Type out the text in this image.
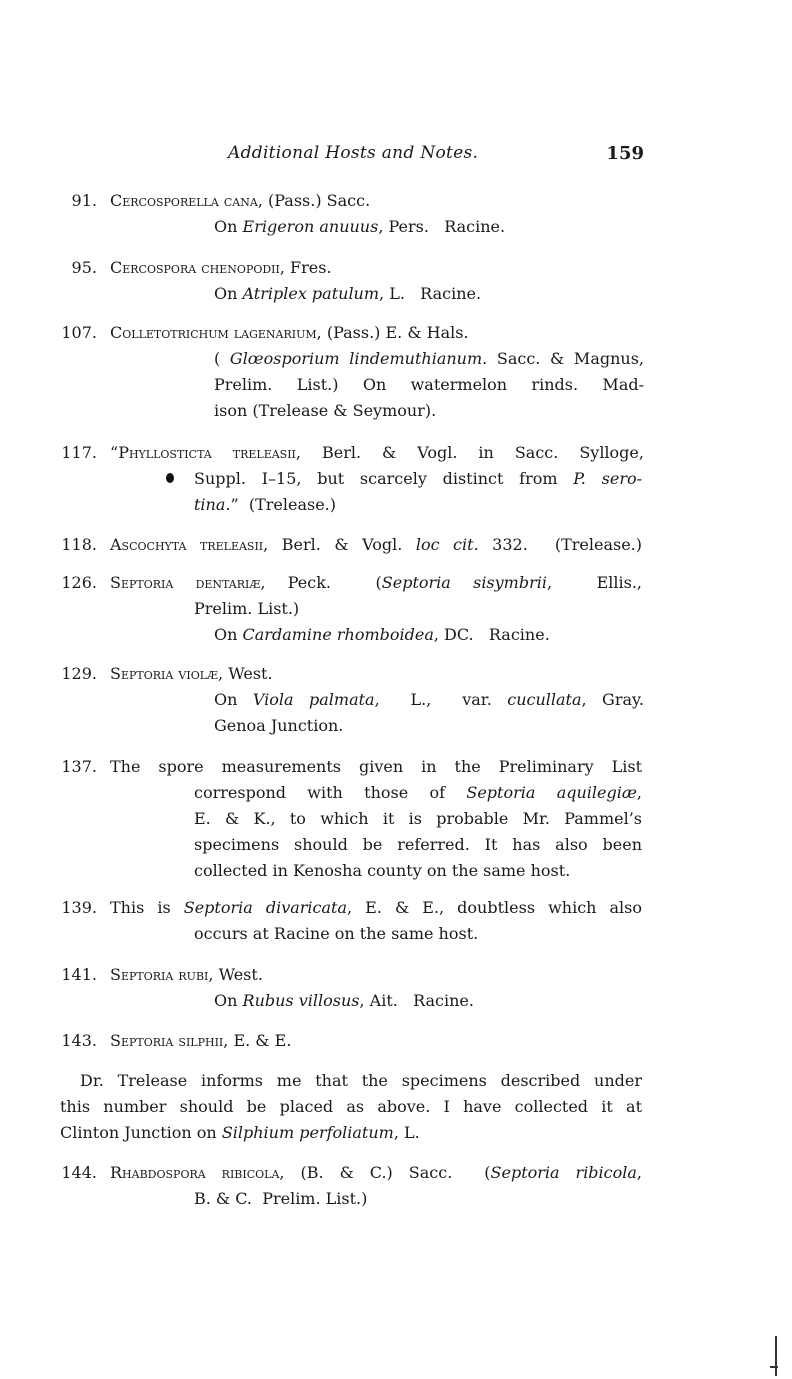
Additional Hosts and Notes.	159
91. Cercosporella cana, (Pass.) Sacc.
On Erigeron anuuus, Pers.   Racine.
95. Cercospora chenopodii, Fres.
On Atriplex patulum, L.   Racine.
107. Colletotrichum lagenarium, (Pass.) E. & Hals.
( Glœosporium lindemuthianum. Sacc. & Magnus,
Prelim. List.) On watermelon rinds. Mad-
ison (Trelease & Seymour).
117. “Phyllosticta treleasii, Berl. & Vogl. in Sacc. Sylloge,
Suppl. I–15, but scarcely distinct from P. sero-
tina.”  (Trelease.)
118. Ascochyta treleasii, Berl. & Vogl. loc cit. 332.  (Trelease.)
126. Septoria dentariæ, Peck.  (Septoria sisymbrii,  Ellis.,
Prelim. List.)
On Cardamine rhomboidea, DC.   Racine.
129. Septoria violæ, West.
On Viola palmata,  L.,  var. cucullata, Gray.
Genoa Junction.
137. The spore measurements given in the Preliminary List
correspond with those of Septoria aquilegiæ,
E. & K., to which it is probable Mr. Pammel’s
specimens should be referred. It has also been
collected in Kenosha county on the same host.
139. This is Septoria divaricata, E. & E., doubtless which also
occurs at Racine on the same host.
141. Septoria rubi, West.
On Rubus villosus, Ait.   Racine.
143. Septoria silphii, E. & E.
Dr. Trelease informs me that the specimens described under
this number should be placed as above. I have collected it at
Clinton Junction on Silphium perfoliatum, L.
144. Rhabdospora ribicola, (B. & C.) Sacc.  (Septoria ribicola,
B. & C.  Prelim. List.)
